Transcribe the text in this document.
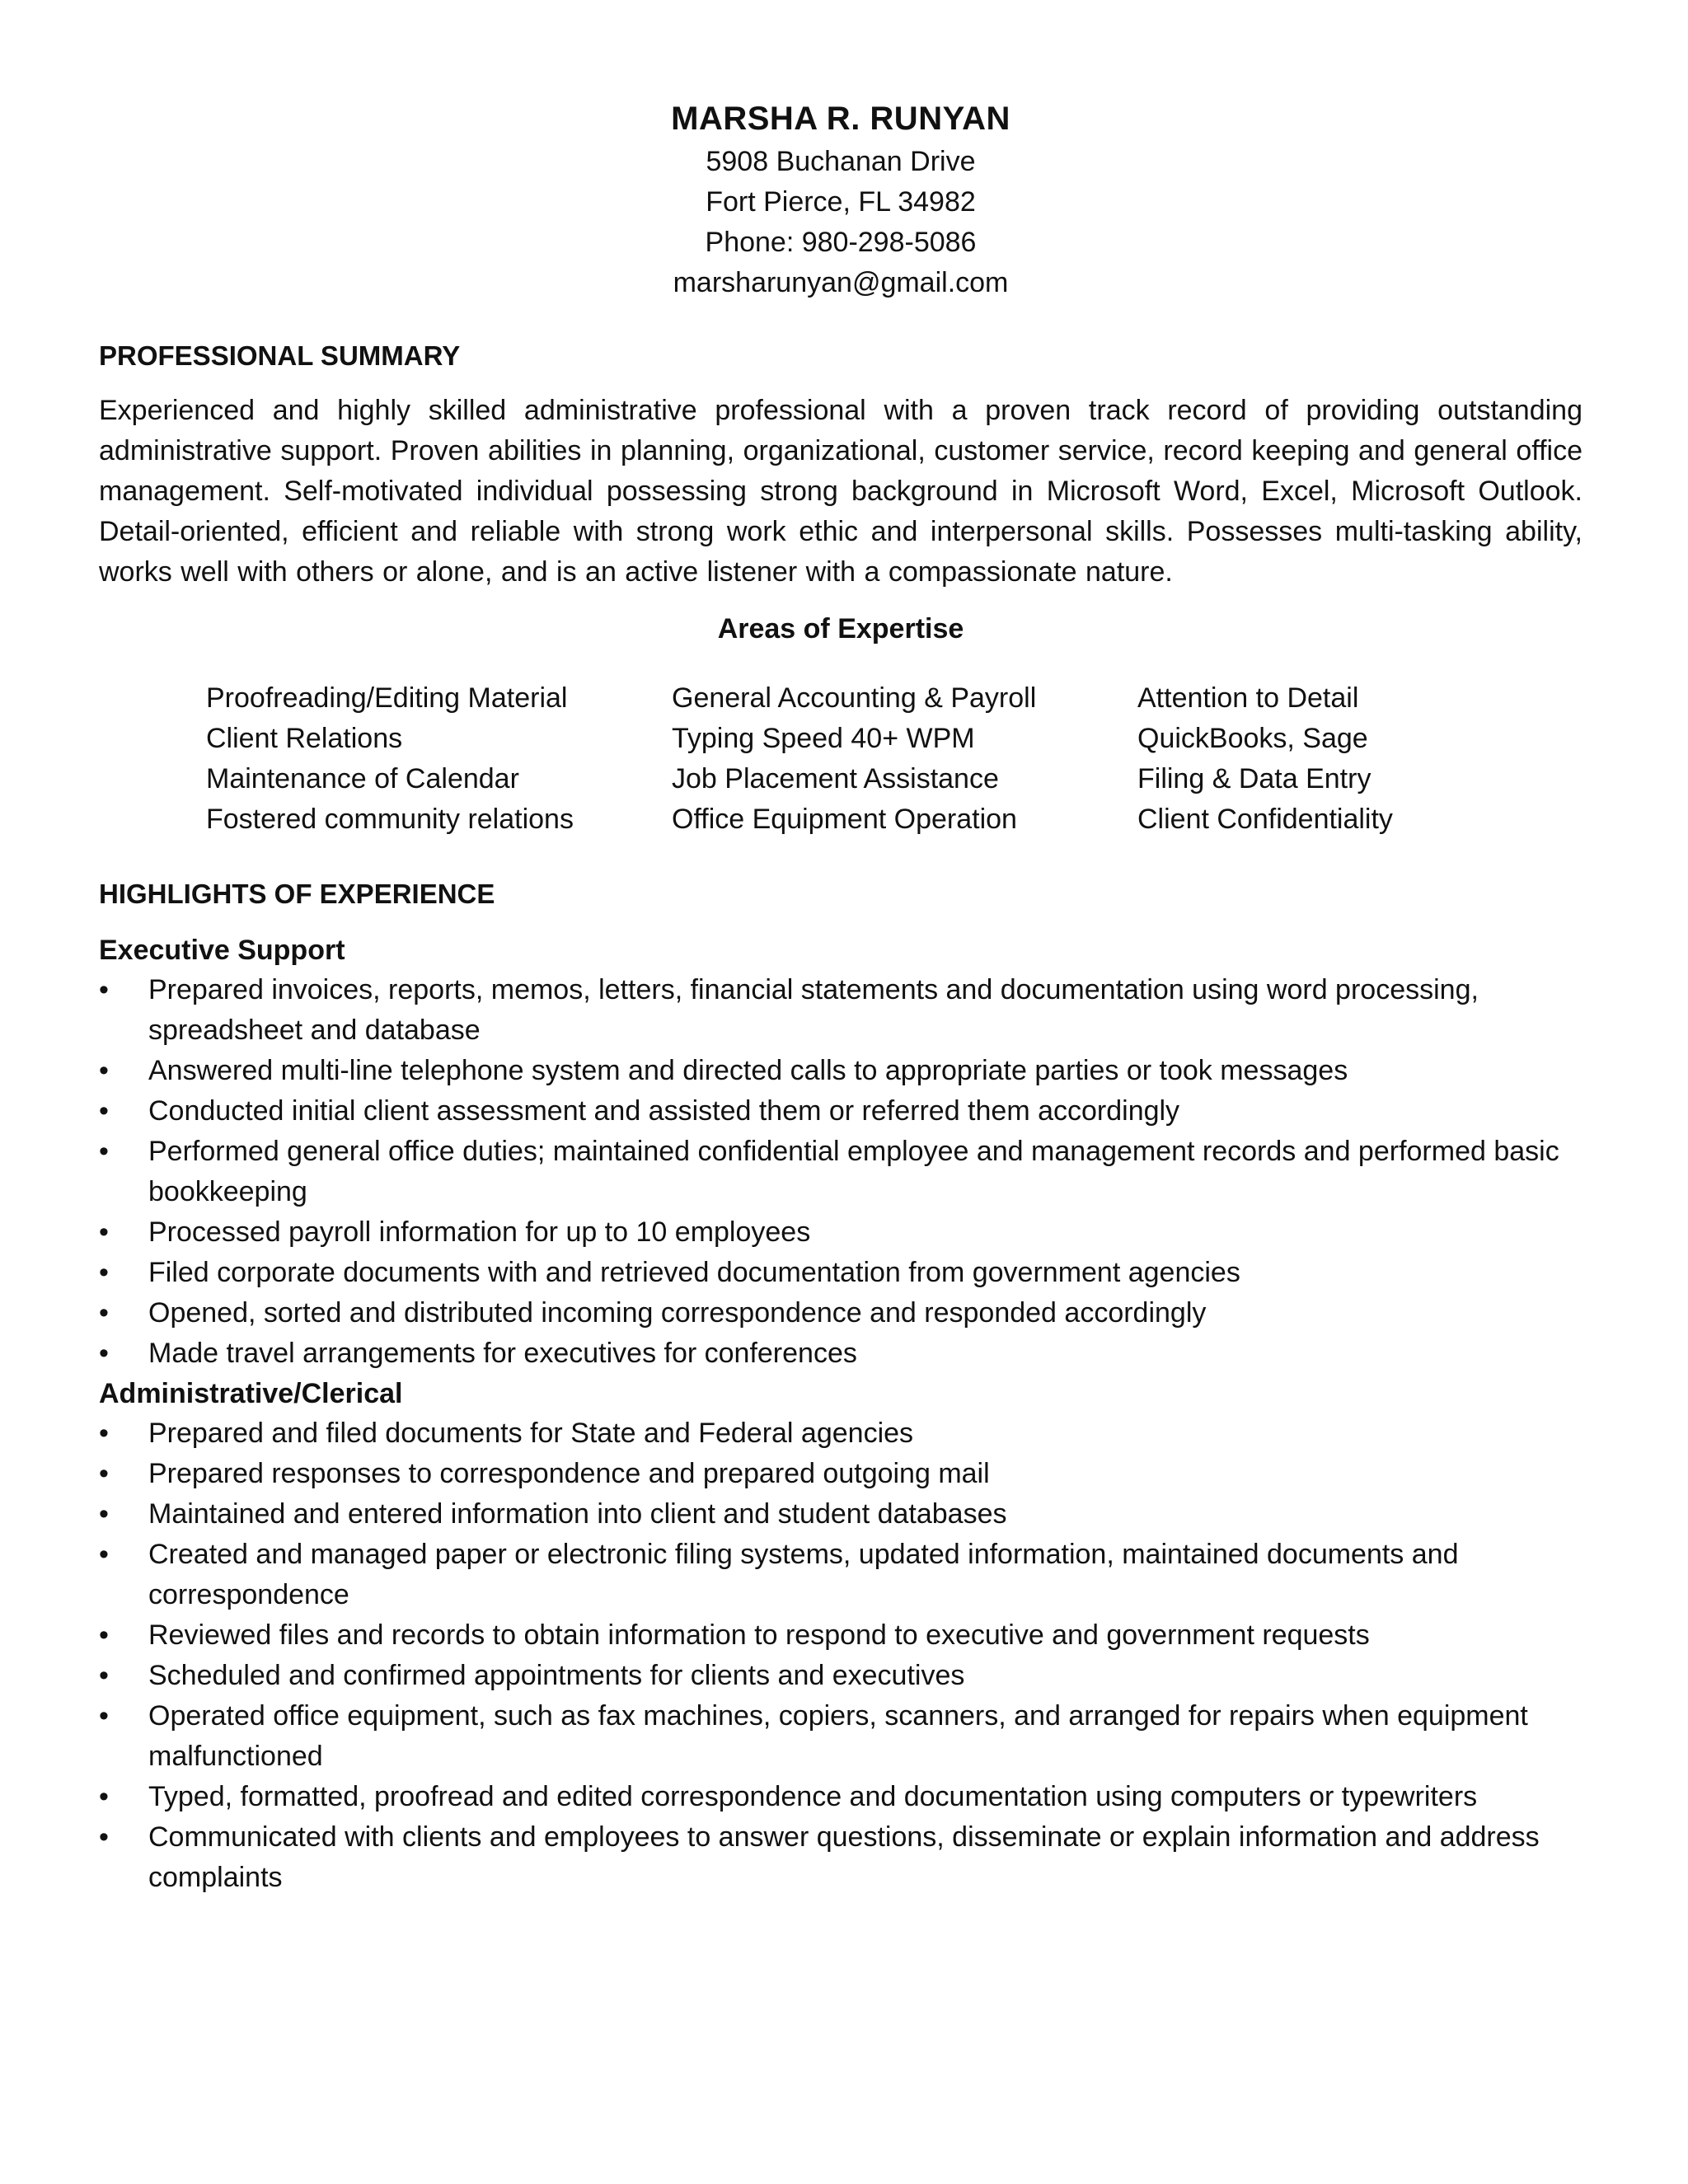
MARSHA R. RUNYAN
5908 Buchanan Drive
Fort Pierce, FL 34982
Phone: 980-298-5086
marsharunyan@gmail.com
PROFESSIONAL SUMMARY
Experienced and highly skilled administrative professional with a proven track record of providing outstanding administrative support. Proven abilities in planning, organizational, customer service, record keeping and general office management. Self-motivated individual possessing strong background in Microsoft Word, Excel, Microsoft Outlook. Detail-oriented, efficient and reliable with strong work ethic and interpersonal skills. Possesses multi-tasking ability, works well with others or alone, and is an active listener with a compassionate nature.
Areas of Expertise
Proofreading/Editing Material	General Accounting & Payroll	Attention to Detail
Client Relations	Typing Speed 40+ WPM	QuickBooks, Sage
Maintenance of Calendar	Job Placement Assistance	Filing & Data Entry
Fostered community relations	Office Equipment Operation	Client Confidentiality
HIGHLIGHTS OF EXPERIENCE
Executive Support
•	Prepared invoices, reports, memos, letters, financial statements and documentation using word processing, spreadsheet and database
•	Answered multi-line telephone system and directed calls to appropriate parties or took messages
•	Conducted initial client assessment and assisted them or referred them accordingly
•	Performed general office duties; maintained confidential employee and management records and performed basic bookkeeping
•	Processed payroll information for up to 10 employees
•	Filed corporate documents with and retrieved documentation from government agencies
•	Opened, sorted and distributed incoming correspondence and responded accordingly
•	Made travel arrangements for executives for conferences
Administrative/Clerical
•	Prepared and filed documents for State and Federal agencies
•	Prepared responses to correspondence and prepared outgoing mail
•	Maintained and entered information into client and student databases
•	Created and managed paper or electronic filing systems, updated information, maintained documents and correspondence
•	Reviewed files and records to obtain information to respond to executive and government requests
•	Scheduled and confirmed appointments for clients and executives
•	Operated office equipment, such as fax machines, copiers, scanners, and arranged for repairs when equipment malfunctioned
•	Typed, formatted, proofread and edited correspondence and documentation using computers or typewriters
•	Communicated with clients and employees to answer questions, disseminate or explain information and address complaints
